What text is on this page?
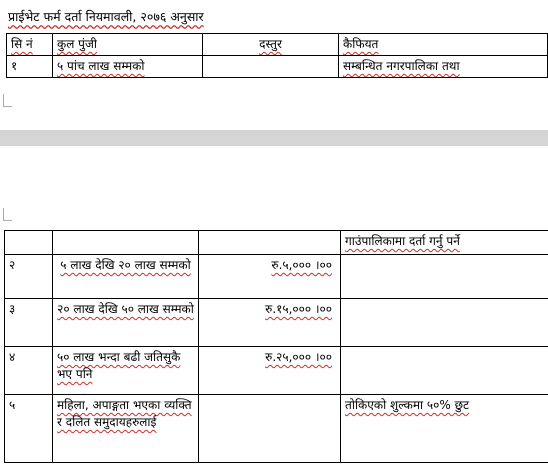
प्राईभेट फर्म दर्ता नियमावली, २०७६ अनुसार
सि नं	कुल पुंजी	दस्तुर	कैफियत
१	५ पांच लाख सम्मको		सम्बन्धित नगरपालिका तथा
			गाउंपालिकामा दर्ता गर्नु पर्ने
२	५ लाख देखि २० लाख सम्मको	रु.५,००० ।००	
३	२० लाख देखि ५० लाख सम्मको	रु.१५,००० ।००	
४	५० लाख भन्दा बढी जतिसुकै भए पनि	रु.२५,००० ।००	
५	महिला, अपाङ्गता भएका व्यक्ति र दलित समुदायहरुलाई		तोकिएको शुल्कमा ५०% छुट
